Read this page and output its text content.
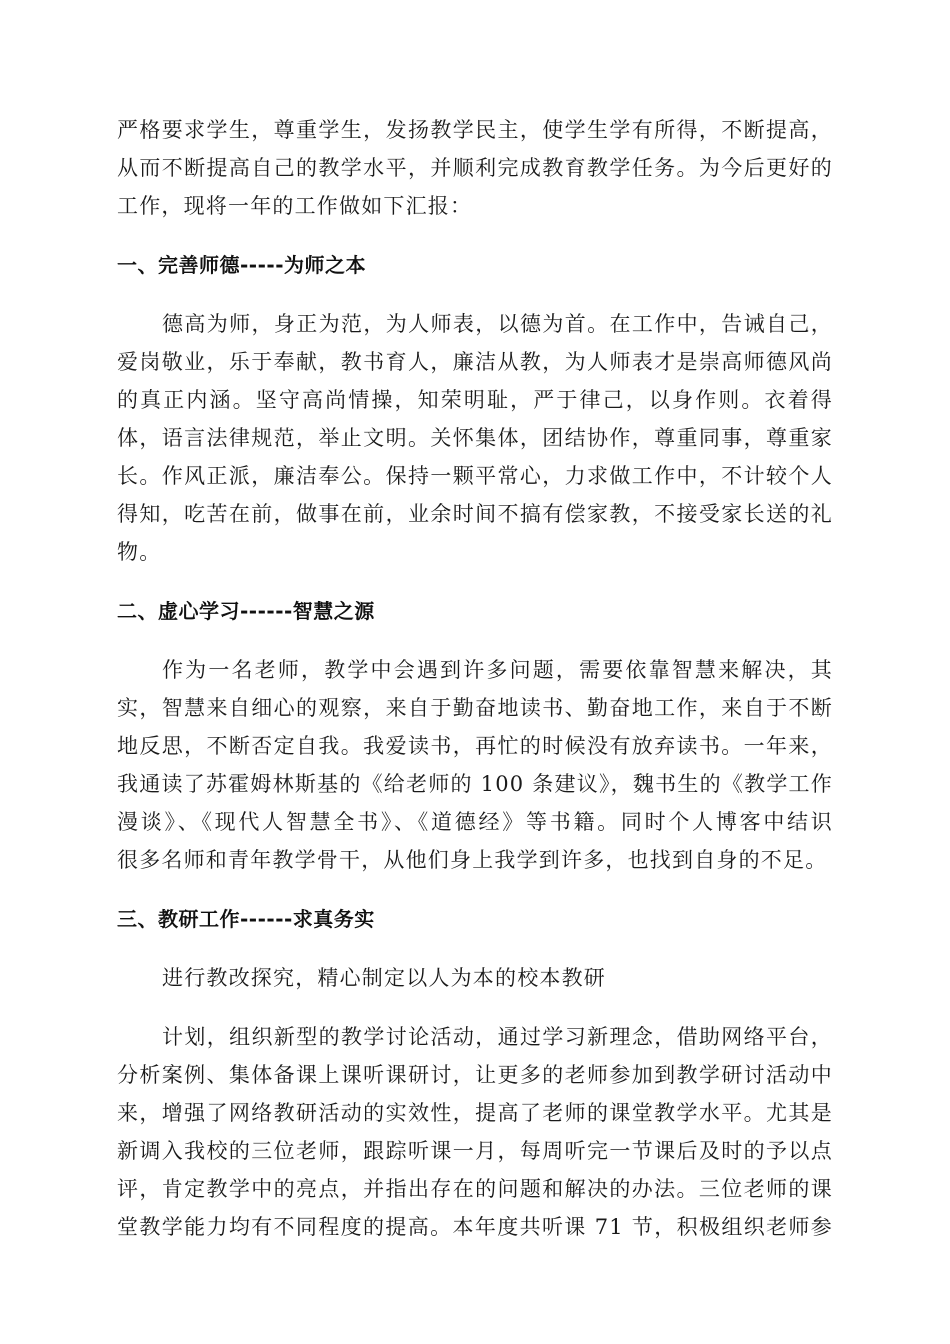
严格要求学生，尊重学生，发扬教学民主，使学生学有所得，不断提高，
从而不断提高自己的教学水平，并顺利完成教育教学任务。为今后更好的
工作，现将一年的工作做如下汇报：
一、完善师德-----为师之本
德高为师，身正为范，为人师表，以德为首。在工作中，告诫自己，
爱岗敬业，乐于奉献，教书育人，廉洁从教，为人师表才是崇高师德风尚
的真正内涵。坚守高尚情操，知荣明耻，严于律己，以身作则。衣着得
体，语言法律规范，举止文明。关怀集体，团结协作，尊重同事，尊重家
长。作风正派，廉洁奉公。保持一颗平常心，力求做工作中，不计较个人
得知，吃苦在前，做事在前，业余时间不搞有偿家教，不接受家长送的礼
物。
二、虚心学习------智慧之源
作为一名老师，教学中会遇到许多问题，需要依靠智慧来解决，其
实，智慧来自细心的观察，来自于勤奋地读书、勤奋地工作，来自于不断
地反思，不断否定自我。我爱读书，再忙的时候没有放弃读书。一年来，
我通读了苏霍姆林斯基的《给老师的 100 条建议》，魏书生的《教学工作
漫谈》、《现代人智慧全书》、《道德经》等书籍。同时个人博客中结识
很多名师和青年教学骨干，从他们身上我学到许多，也找到自身的不足。
三、教研工作------求真务实
进行教改探究，精心制定以人为本的校本教研
计划，组织新型的教学讨论活动，通过学习新理念，借助网络平台，
分析案例、集体备课上课听课研讨，让更多的老师参加到教学研讨活动中
来，增强了网络教研活动的实效性，提高了老师的课堂教学水平。尤其是
新调入我校的三位老师，跟踪听课一月，每周听完一节课后及时的予以点
评，肯定教学中的亮点，并指出存在的问题和解决的办法。三位老师的课
堂教学能力均有不同程度的提高。本年度共听课 71 节，积极组织老师参
